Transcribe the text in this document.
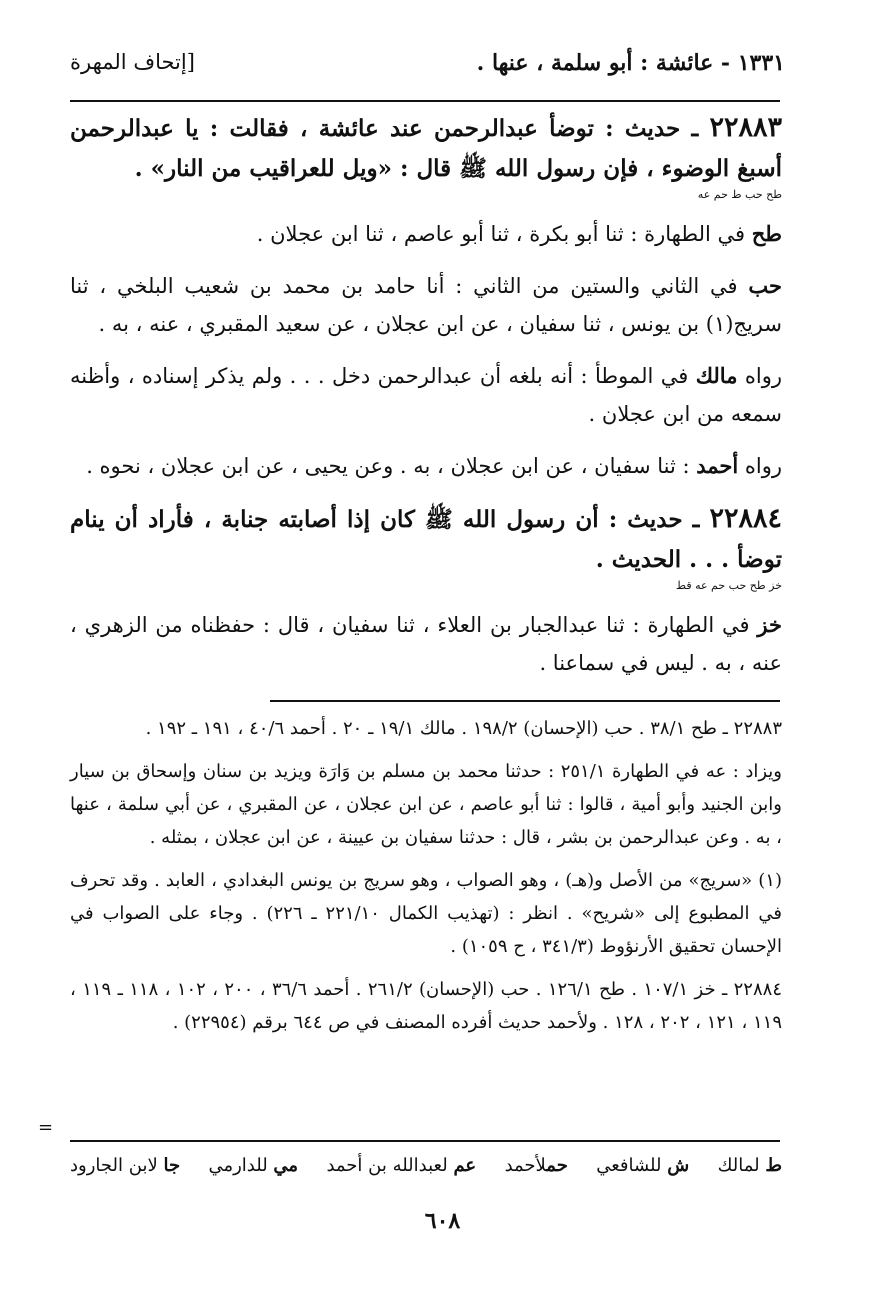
١٣٣١ - عائشة : أبو سلمة ، عنها .
[إتحاف المهرة
٢٢٨٨٣ ـ حديث : توضأ عبدالرحمن عند عائشة ، فقالت : يا عبدالرحمن أسبغ الوضوء ، فإن رسول الله ﷺ قال : «ويل للعراقيب من النار» .
طح حب ط حم عه
طح في الطهارة : ثنا أبو بكرة ، ثنا أبو عاصم ، ثنا ابن عجلان .
حب في الثاني والستين من الثاني : أنا حامد بن محمد بن شعيب البلخي ، ثنا سريج(١) بن يونس ، ثنا سفيان ، عن ابن عجلان ، عن سعيد المقبري ، عنه ، به .
رواه مالك في الموطأ : أنه بلغه أن عبدالرحمن دخل . . . ولم يذكر إسناده ، وأظنه سمعه من ابن عجلان .
رواه أحمد : ثنا سفيان ، عن ابن عجلان ، به . وعن يحيى ، عن ابن عجلان ، نحوه .
٢٢٨٨٤ ـ حديث : أن رسول الله ﷺ كان إذا أصابته جنابة ، فأراد أن ينام توضأ . . . الحديث .
خز طح حب حم عه قط
خز في الطهارة : ثنا عبدالجبار بن العلاء ، ثنا سفيان ، قال : حفظناه من الزهري ، عنه ، به . ليس في سماعنا .

٢٢٨٨٣ ـ طح ٣٨/١ . حب (الإحسان) ١٩٨/٢ . مالك ١٩/١ ـ ٢٠ . أحمد ٤٠/٦ ، ١٩١ ـ ١٩٢ .

ويزاد : عه في الطهارة ٢٥١/١ : حدثنا محمد بن مسلم بن وَارَة ويزيد بن سنان وإسحاق بن سيار وابن الجنيد وأبو أمية ، قالوا : ثنا أبو عاصم ، عن ابن عجلان ، عن المقبري ، عن أبي سلمة ، عنها ، به . وعن عبدالرحمن بن بشر ، قال : حدثنا سفيان بن عيينة ، عن ابن عجلان ، بمثله .

(١) «سريج» من الأصل و(هـ) ، وهو الصواب ، وهو سريج بن يونس البغدادي ، العابد . وقد تحرف في المطبوع إلى «شريح» . انظر : (تهذيب الكمال ٢٢١/١٠ ـ ٢٢٦) . وجاء على الصواب في الإحسان تحقيق الأرنؤوط (٣٤١/٣ ، ح ١٠٥٩) .

٢٢٨٨٤ ـ خز ١٠٧/١ . طح ١٢٦/١ . حب (الإحسان) ٢٦١/٢ . أحمد ٣٦/٦ ، ٢٠٠ ، ١٠٢ ، ١١٨ ـ ١١٩ ، ١١٩ ، ١٢١ ، ٢٠٢ ، ١٢٨ . ولأحمد حديث أفرده المصنف في ص ٦٤٤ برقم (٢٢٩٥٤) .

=
ط لمالك
ش للشافعي
حملأحمد
عم لعبدالله بن أحمد
مي للدارمي
جا لابن الجارود
٦٠٨
